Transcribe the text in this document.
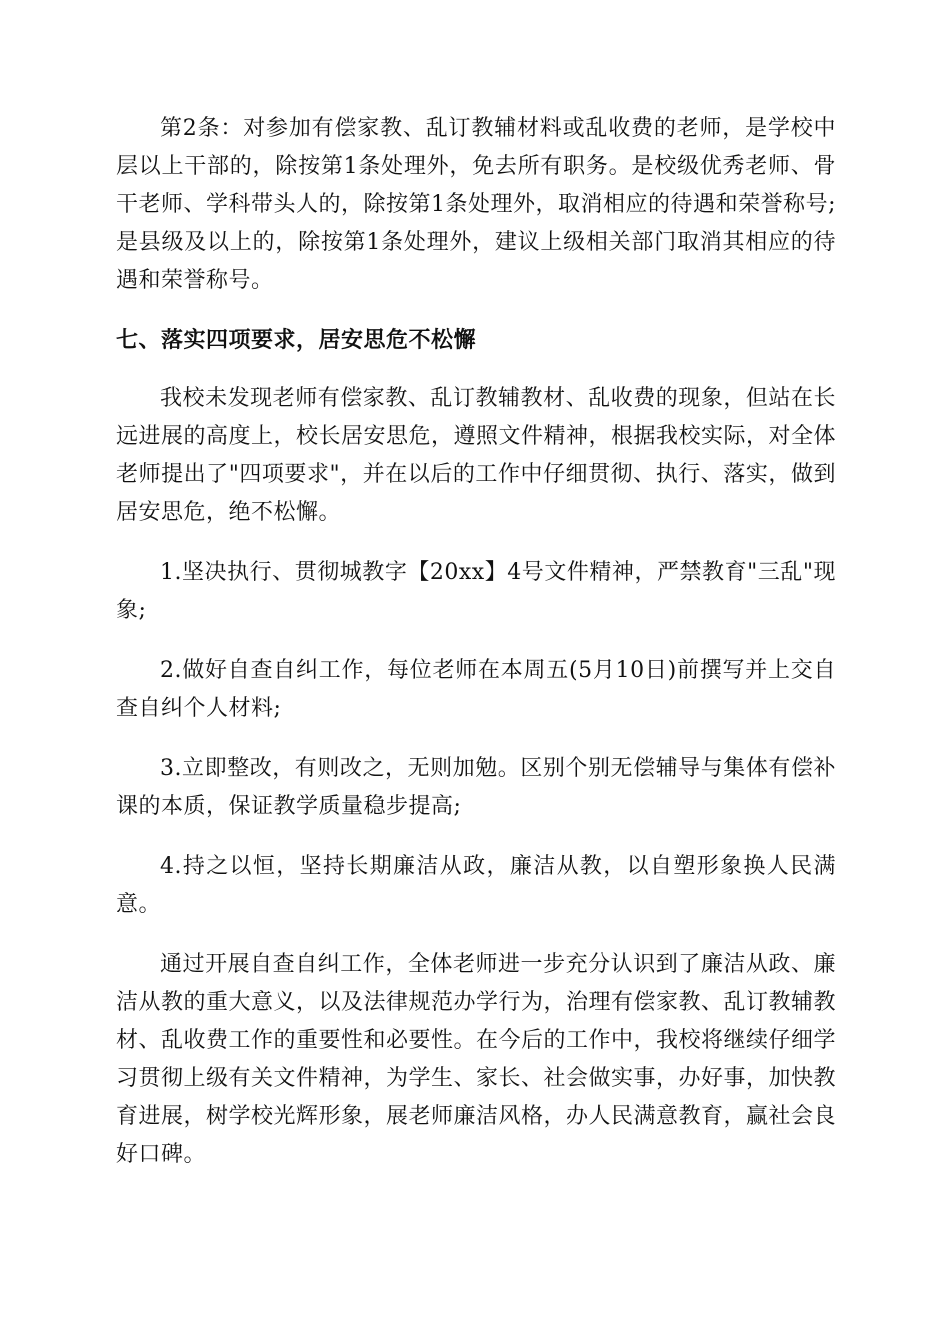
第2条：对参加有偿家教、乱订教辅材料或乱收费的老师，是学校中层以上干部的，除按第1条处理外，免去所有职务。是校级优秀老师、骨干老师、学科带头人的，除按第1条处理外，取消相应的待遇和荣誉称号;是县级及以上的，除按第1条处理外，建议上级相关部门取消其相应的待遇和荣誉称号。

七、落实四项要求，居安思危不松懈

我校未发现老师有偿家教、乱订教辅教材、乱收费的现象，但站在长远进展的高度上，校长居安思危，遵照文件精神，根据我校实际，对全体老师提出了"四项要求"，并在以后的工作中仔细贯彻、执行、落实，做到居安思危，绝不松懈。

1.坚决执行、贯彻城教字【20xx】4号文件精神，严禁教育"三乱"现象;

2.做好自查自纠工作，每位老师在本周五(5月10日)前撰写并上交自查自纠个人材料;

3.立即整改，有则改之，无则加勉。区别个别无偿辅导与集体有偿补课的本质，保证教学质量稳步提高;

4.持之以恒，坚持长期廉洁从政，廉洁从教，以自塑形象换人民满意。

通过开展自查自纠工作，全体老师进一步充分认识到了廉洁从政、廉洁从教的重大意义，以及法律规范办学行为，治理有偿家教、乱订教辅教材、乱收费工作的重要性和必要性。在今后的工作中，我校将继续仔细学习贯彻上级有关文件精神，为学生、家长、社会做实事，办好事，加快教育进展，树学校光辉形象，展老师廉洁风格，办人民满意教育，赢社会良好口碑。
